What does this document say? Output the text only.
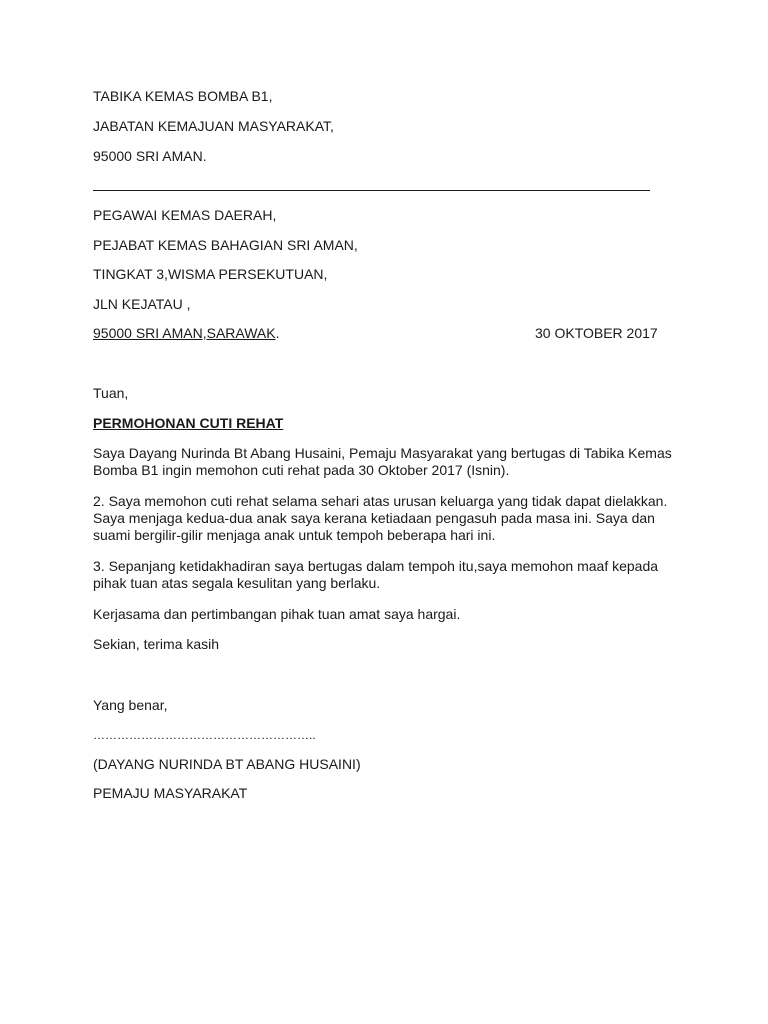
TABIKA KEMAS BOMBA B1,
JABATAN KEMAJUAN MASYARAKAT,
95000 SRI AMAN.
PEGAWAI KEMAS DAERAH,
PEJABAT KEMAS BAHAGIAN SRI AMAN,
TINGKAT 3,WISMA PERSEKUTUAN,
JLN KEJATAU ,
95000 SRI AMAN,SARAWAK.	30 OKTOBER 2017
Tuan,
PERMOHONAN CUTI REHAT
Saya Dayang Nurinda Bt Abang Husaini, Pemaju Masyarakat yang bertugas di Tabika Kemas Bomba B1 ingin memohon cuti rehat pada 30 Oktober 2017 (Isnin).
2. Saya memohon cuti rehat selama sehari atas urusan keluarga yang tidak dapat dielakkan. Saya menjaga kedua-dua anak saya kerana ketiadaan pengasuh pada masa ini. Saya dan suami bergilir-gilir menjaga anak untuk tempoh beberapa hari ini.
3. Sepanjang ketidakhadiran saya bertugas dalam tempoh itu,saya memohon maaf kepada pihak tuan atas segala kesulitan yang berlaku.
Kerjasama dan pertimbangan pihak tuan amat saya hargai.
Sekian, terima kasih
Yang benar,
………………………………………………..
(DAYANG NURINDA BT ABANG HUSAINI)
PEMAJU MASYARAKAT
